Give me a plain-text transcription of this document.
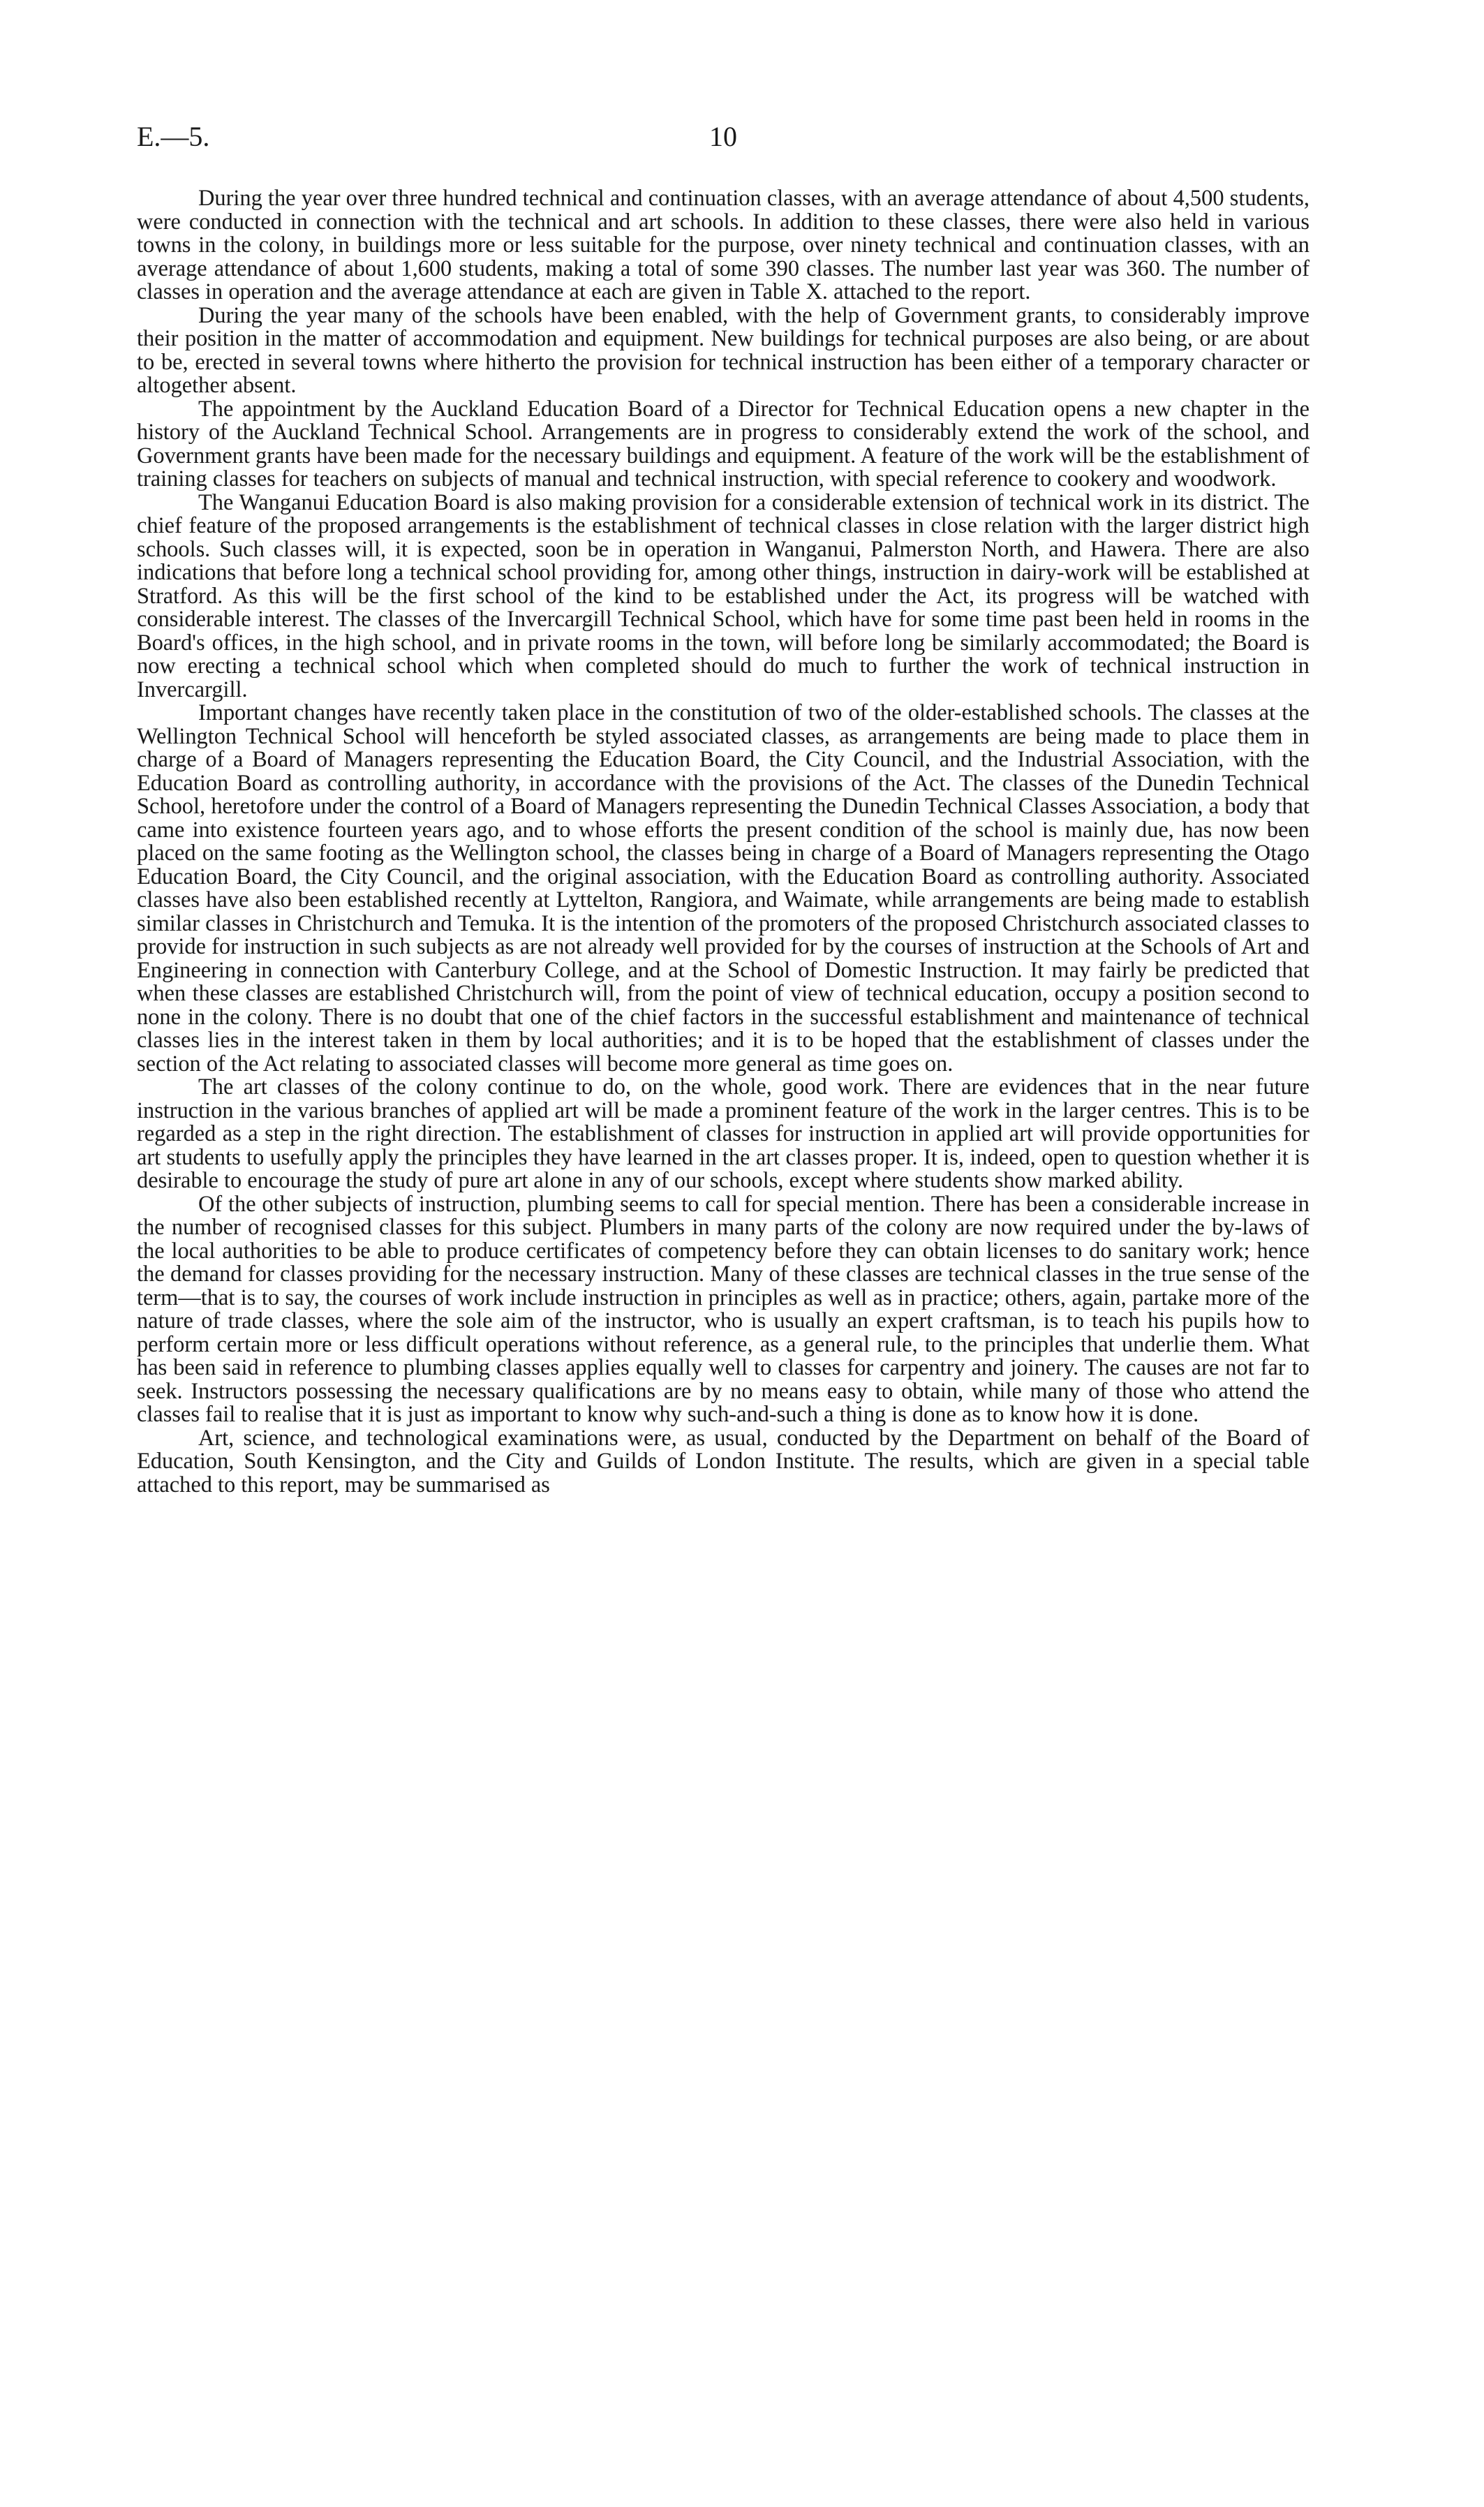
E.—5.	10

During the year over three hundred technical and continuation classes, with an average attendance of about 4,500 students, were conducted in connection with the technical and art schools. In addition to these classes, there were also held in various towns in the colony, in buildings more or less suitable for the purpose, over ninety technical and continuation classes, with an average attendance of about 1,600 students, making a total of some 390 classes. The number last year was 360. The number of classes in operation and the average attendance at each are given in Table X. attached to the report.

During the year many of the schools have been enabled, with the help of Government grants, to considerably improve their position in the matter of accommodation and equipment. New buildings for technical purposes are also being, or are about to be, erected in several towns where hitherto the provision for technical instruction has been either of a temporary character or altogether absent.

The appointment by the Auckland Education Board of a Director for Technical Education opens a new chapter in the history of the Auckland Technical School. Arrangements are in progress to considerably extend the work of the school, and Government grants have been made for the necessary buildings and equipment. A feature of the work will be the establishment of training classes for teachers on subjects of manual and technical instruction, with special reference to cookery and woodwork.

The Wanganui Education Board is also making provision for a considerable extension of technical work in its district. The chief feature of the proposed arrangements is the establishment of technical classes in close relation with the larger district high schools. Such classes will, it is expected, soon be in operation in Wanganui, Palmerston North, and Hawera. There are also indications that before long a technical school providing for, among other things, instruction in dairy-work will be established at Stratford. As this will be the first school of the kind to be established under the Act, its progress will be watched with considerable interest. The classes of the Invercargill Technical School, which have for some time past been held in rooms in the Board's offices, in the high school, and in private rooms in the town, will before long be similarly accommodated; the Board is now erecting a technical school which when completed should do much to further the work of technical instruction in Invercargill.

Important changes have recently taken place in the constitution of two of the older-established schools. The classes at the Wellington Technical School will henceforth be styled associated classes, as arrangements are being made to place them in charge of a Board of Managers representing the Education Board, the City Council, and the Industrial Association, with the Education Board as controlling authority, in accordance with the provisions of the Act. The classes of the Dunedin Technical School, heretofore under the control of a Board of Managers representing the Dunedin Technical Classes Association, a body that came into existence fourteen years ago, and to whose efforts the present condition of the school is mainly due, has now been placed on the same footing as the Wellington school, the classes being in charge of a Board of Managers representing the Otago Education Board, the City Council, and the original association, with the Education Board as controlling authority. Associated classes have also been established recently at Lyttelton, Rangiora, and Waimate, while arrangements are being made to establish similar classes in Christchurch and Temuka. It is the intention of the promoters of the proposed Christchurch associated classes to provide for instruction in such subjects as are not already well provided for by the courses of instruction at the Schools of Art and Engineering in connection with Canterbury College, and at the School of Domestic Instruction. It may fairly be predicted that when these classes are established Christchurch will, from the point of view of technical education, occupy a position second to none in the colony. There is no doubt that one of the chief factors in the successful establishment and maintenance of technical classes lies in the interest taken in them by local authorities; and it is to be hoped that the establishment of classes under the section of the Act relating to associated classes will become more general as time goes on.

The art classes of the colony continue to do, on the whole, good work. There are evidences that in the near future instruction in the various branches of applied art will be made a prominent feature of the work in the larger centres. This is to be regarded as a step in the right direction. The establishment of classes for instruction in applied art will provide opportunities for art students to usefully apply the principles they have learned in the art classes proper. It is, indeed, open to question whether it is desirable to encourage the study of pure art alone in any of our schools, except where students show marked ability.

Of the other subjects of instruction, plumbing seems to call for special mention. There has been a considerable increase in the number of recognised classes for this subject. Plumbers in many parts of the colony are now required under the by-laws of the local authorities to be able to produce certificates of competency before they can obtain licenses to do sanitary work; hence the demand for classes providing for the necessary instruction. Many of these classes are technical classes in the true sense of the term—that is to say, the courses of work include instruction in principles as well as in practice; others, again, partake more of the nature of trade classes, where the sole aim of the instructor, who is usually an expert craftsman, is to teach his pupils how to perform certain more or less difficult operations without reference, as a general rule, to the principles that underlie them. What has been said in reference to plumbing classes applies equally well to classes for carpentry and joinery. The causes are not far to seek. Instructors possessing the necessary qualifications are by no means easy to obtain, while many of those who attend the classes fail to realise that it is just as important to know why such-and-such a thing is done as to know how it is done.

Art, science, and technological examinations were, as usual, conducted by the Department on behalf of the Board of Education, South Kensington, and the City and Guilds of London Institute. The results, which are given in a special table attached to this report, may be summarised as
